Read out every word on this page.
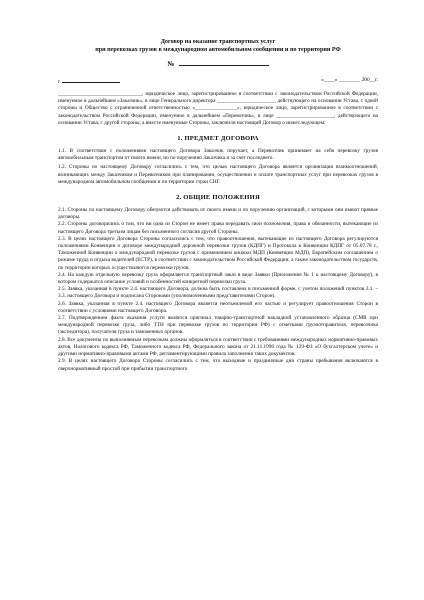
Договор на оказание транспортных услуг
при перевозках грузов в международном автомобильном сообщении и по территории РФ
№
г.	«____» ________ 200__г.

________________________________, юридическое лицо, зарегистрированное в соответствии с законодательством Российской Федерации, именуемое в дальнейшем «Заказчик», в лице Генерального директора ______________________, действующего на основании Устава, с одной стороны и Общество с ограниченной ответственностью «________________», юридическое лицо, зарегистрированное в соответствии с законодательством Российской Федерации, именуемое в дальнейшем «Перевозчик», в лице ______________________, действующего на основании Устава, с другой стороны, а вместе именуемые Стороны, заключили настоящий Договор о нижеследующем:

1. ПРЕДМЕТ ДОГОВОРА

1.1. В соответствии с положениями настоящего Договора Заказчик поручает, а Перевозчик принимает на себя перевозку грузов автомобильным транспортом от своего имени, но по поручению Заказчика и за счет последнего.

1.2. Стороны по настоящему Договору согласились с тем, что целью настоящего Договора является организация взаимоотношений, возникающих между Заказчиком и Перевозчиком при планировании, осуществлении и оплате транспортных услуг при перевозках грузов в международном автомобильном сообщении и по территории стран СНГ.

2. ОБЩИЕ ПОЛОЖЕНИЯ

2.1. Стороны по настоящему Договору обязуются действовать от своего имени и по поручению организаций, с которыми они имеют прямые договоры.

2.2. Стороны договорились о том, что ни одна из Сторон не имеет права передавать свои полномочия, права и обязанности, вытекающие из настоящего Договора третьим лицам без письменного согласия другой Стороны.

2.3. В целях настоящего Договора Стороны согласились с тем, что правоотношения, вытекающие из настоящего Договора регулируются положениями Конвенции о договоре международной дорожной перевозки грузов (КДПГ) и Протокола к Конвенции КДПГ от 05.07.78 г., Таможенной Конвенции о международной перевозке грузов с применением книжки МДП (Конвенции МДП), Европейским соглашением о режиме труда и отдыха водителей (ЕСТР), в соответствии с законодательством Российской Федерации, а также законодательством государств, по территории которых осуществляются перевозки грузов.

2.4. На каждую отдельную перевозку груза оформляется транспортный заказ в виде Заявки (Приложение № 1 к настоящему Договору), в котором содержатся описание условий и особенностей конкретной перевозки груза.

2.5. Заявка, указанная в пункте 2.4. настоящего Договора, должна быть составлена в письменной форме, с учетом положений пунктов 3.1. – 3.3. настоящего Договора и подписана Сторонами (уполномоченными представителями Сторон).

2.6. Заявка, указанная в пункте 2.4. настоящего Договора является неотъемлемой его частью и регулирует правоотношения Сторон в соответствии с условиями настоящего Договора.

2.7. Подтверждением факта оказания услуги является оригинал товарно-транспортной накладной установленного образца (CMR при международной перевозке груза, либо ТТН при перевозке грузов по территории РФ) с отметками грузоотправителя, перевозчика (экспедитора), получателя груза и таможенных органов.

2.8. Все документы по выполняемым перевозкам должны оформляться в соответствии с требованиями международных нормативно-правовых актов, Налогового кодекса РФ, Таможенного кодекса РФ, Федерального закона от 21.11.1996 года № 129-ФЗ «О бухгалтерском учете» и другими нормативно-правовыми актами РФ, регламентирующими правила заполнения таких документов.

2.9. В целях настоящего Договора Стороны согласились с тем, что выходные и праздничные дни страны пребывания включаются в сверхнормативный простой при прибытии транспортного
